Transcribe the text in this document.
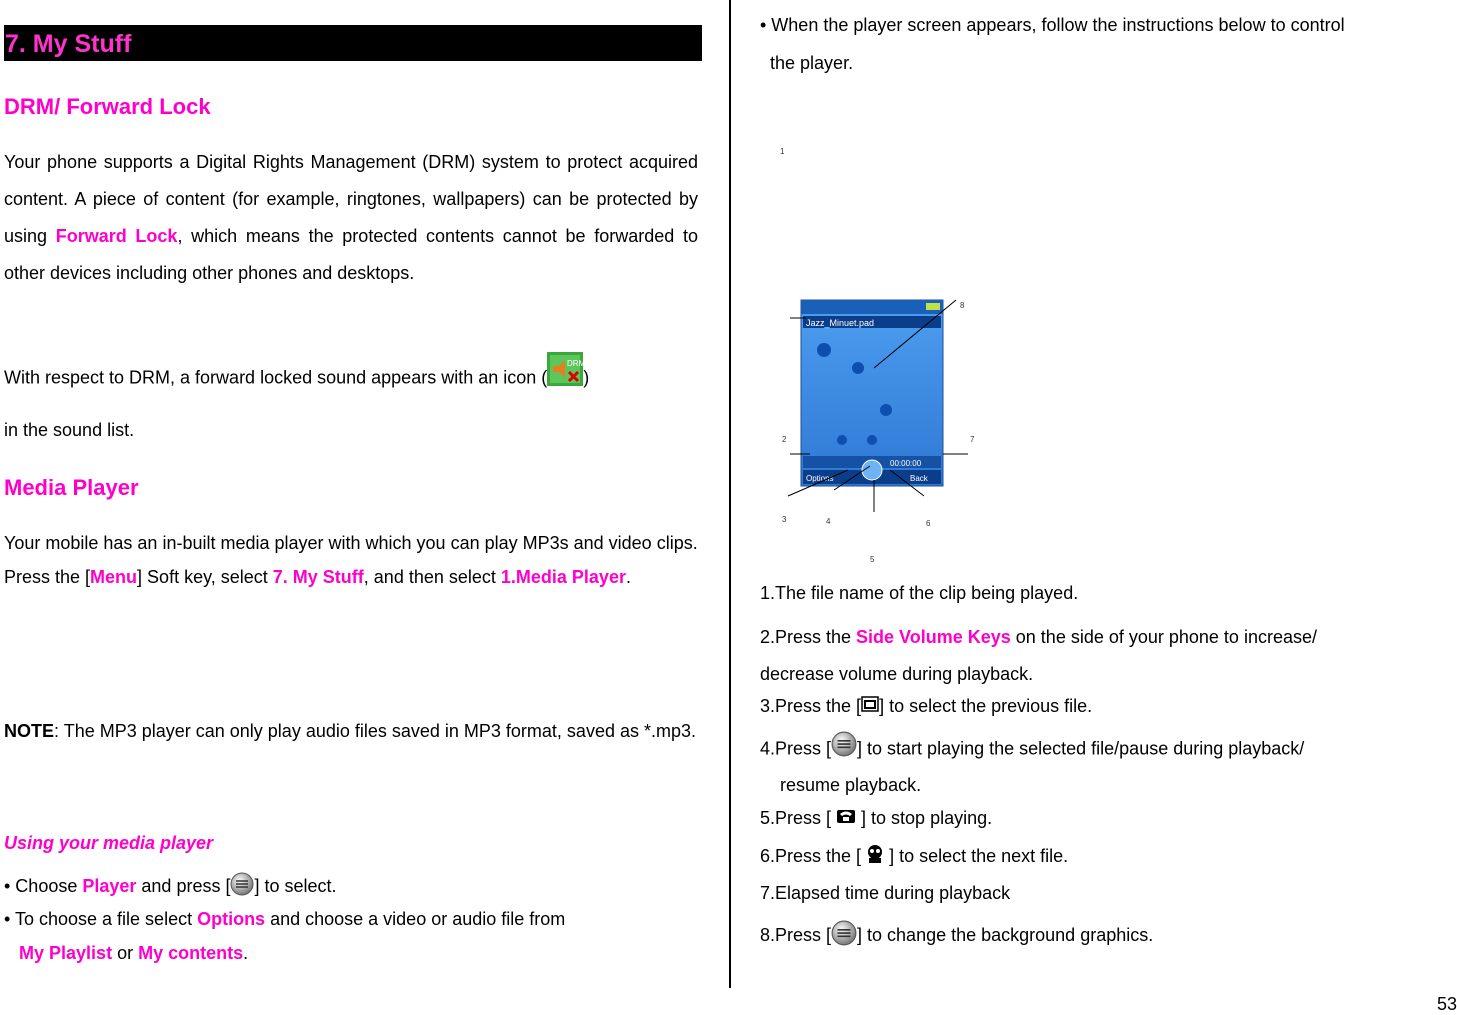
7. My Stuff
DRM/ Forward Lock

Your phone supports a Digital Rights Management (DRM) system to protect acquired content. A piece of content (for example, ringtones, wallpapers) can be protected by using Forward Lock, which means the protected contents cannot be forwarded to other devices including other phones and desktops.

With respect to DRM, a forward locked sound appears with an icon (
DRM
)
in the sound list.

Media Player

Your mobile has an in-built media player with which you can play MP3s and video clips.
Press the [Menu] Soft key, select 7. My Stuff, and then select 1.Media Player.

NOTE: The MP3 player can only play audio files saved in MP3 format, saved as *.mp3.

Using your media player
• Choose Player and press [ ] to select.

• To choose a file select Options and choose a video or audio file from
My Playlist or My contents.

• When the player screen appears, follow the instructions below to control
the player.

1
Jazz_Minuet.pad
00:00:00
Options	Back
8
2	7
3	4	6
5
1.The file name of the clip being played.

2.Press the Side Volume Keys on the side of your phone to increase/
decrease volume during playback.

3.Press the [ ] to select the previous file.
4.Press [ ] to start playing the selected file/pause during playback/
resume playback.
5.Press [  ] to stop playing.
6.Press the [  ] to select the next file.
7.Elapsed time during playback
8.Press [ ] to change the background graphics.
53
